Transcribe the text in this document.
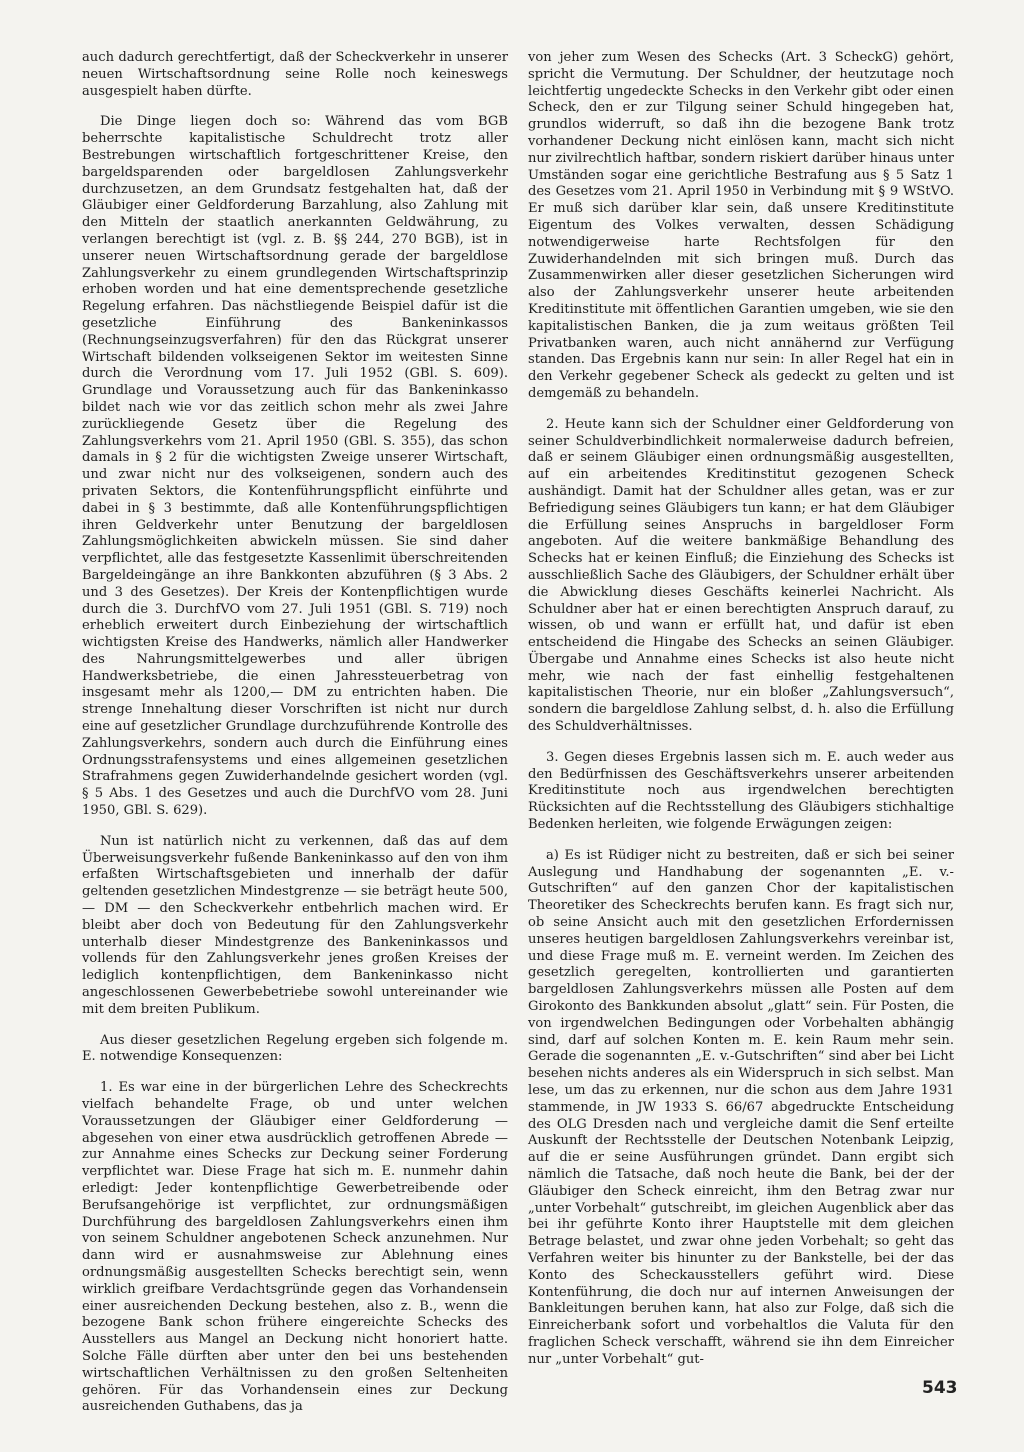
auch dadurch gerechtfertigt, daß der Scheckverkehr in unserer neuen Wirtschaftsordnung seine Rolle noch keineswegs ausgespielt haben dürfte.

Die Dinge liegen doch so: Während das vom BGB beherrschte kapitalistische Schuldrecht trotz aller Bestrebungen wirtschaftlich fortgeschrittener Kreise, den bargeldsparenden oder bargeldlosen Zahlungsverkehr durchzusetzen, an dem Grundsatz festgehalten hat, daß der Gläubiger einer Geldforderung Barzahlung, also Zahlung mit den Mitteln der staatlich anerkannten Geldwährung, zu verlangen berechtigt ist (vgl. z. B. §§ 244, 270 BGB), ist in unserer neuen Wirtschaftsordnung gerade der bargeldlose Zahlungsverkehr zu einem grundlegenden Wirtschaftsprinzip erhoben worden und hat eine dementsprechende gesetzliche Regelung erfahren. Das nächstliegende Beispiel dafür ist die gesetzliche Einführung des Bankeninkassos (Rechnungseinzugsverfahren) für den das Rückgrat unserer Wirtschaft bildenden volkseigenen Sektor im weitesten Sinne durch die Verordnung vom 17. Juli 1952 (GBl. S. 609). Grundlage und Voraussetzung auch für das Bankeninkasso bildet nach wie vor das zeitlich schon mehr als zwei Jahre zurückliegende Gesetz über die Regelung des Zahlungsverkehrs vom 21. April 1950 (GBl. S. 355), das schon damals in § 2 für die wichtigsten Zweige unserer Wirtschaft, und zwar nicht nur des volkseigenen, sondern auch des privaten Sektors, die Kontenführungspflicht einführte und dabei in § 3 bestimmte, daß alle Kontenführungspflichtigen ihren Geldverkehr unter Benutzung der bargeldlosen Zahlungsmöglichkeiten abwickeln müssen. Sie sind daher verpflichtet, alle das festgesetzte Kassenlimit überschreitenden Bargeldeingänge an ihre Bankkonten abzuführen (§ 3 Abs. 2 und 3 des Gesetzes). Der Kreis der Kontenpflichtigen wurde durch die 3. DurchfVO vom 27. Juli 1951 (GBl. S. 719) noch erheblich erweitert durch Einbeziehung der wirtschaftlich wichtigsten Kreise des Handwerks, nämlich aller Handwerker des Nahrungsmittelgewerbes und aller übrigen Handwerksbetriebe, die einen Jahressteuerbetrag von insgesamt mehr als 1200,— DM zu entrichten haben. Die strenge Innehaltung dieser Vorschriften ist nicht nur durch eine auf gesetzlicher Grundlage durchzuführende Kontrolle des Zahlungsverkehrs, sondern auch durch die Einführung eines Ordnungsstrafensystems und eines allgemeinen gesetzlichen Strafrahmens gegen Zuwiderhandelnde gesichert worden (vgl. § 5 Abs. 1 des Gesetzes und auch die DurchfVO vom 28. Juni 1950, GBl. S. 629).

Nun ist natürlich nicht zu verkennen, daß das auf dem Überweisungsverkehr fußende Bankeninkasso auf den von ihm erfaßten Wirtschaftsgebieten und innerhalb der dafür geltenden gesetzlichen Mindestgrenze — sie beträgt heute 500,— DM — den Scheckverkehr entbehrlich machen wird. Er bleibt aber doch von Bedeutung für den Zahlungsverkehr unterhalb dieser Mindestgrenze des Bankeninkassos und vollends für den Zahlungsverkehr jenes großen Kreises der lediglich kontenpflichtigen, dem Bankeninkasso nicht angeschlossenen Gewerbebetriebe sowohl untereinander wie mit dem breiten Publikum.

Aus dieser gesetzlichen Regelung ergeben sich folgende m. E. notwendige Konsequenzen:

1. Es war eine in der bürgerlichen Lehre des Scheckrechts vielfach behandelte Frage, ob und unter welchen Voraussetzungen der Gläubiger einer Geldforderung — abgesehen von einer etwa ausdrücklich getroffenen Abrede — zur Annahme eines Schecks zur Deckung seiner Forderung verpflichtet war. Diese Frage hat sich m. E. nunmehr dahin erledigt: Jeder kontenpflichtige Gewerbetreibende oder Berufsangehörige ist verpflichtet, zur ordnungsmäßigen Durchführung des bargeldlosen Zahlungsverkehrs einen ihm von seinem Schuldner angebotenen Scheck anzunehmen. Nur dann wird er ausnahmsweise zur Ablehnung eines ordnungsmäßig ausgestellten Schecks berechtigt sein, wenn wirklich greifbare Verdachtsgründe gegen das Vorhandensein einer ausreichenden Deckung bestehen, also z. B., wenn die bezogene Bank schon frühere eingereichte Schecks des Ausstellers aus Mangel an Deckung nicht honoriert hatte. Solche Fälle dürften aber unter den bei uns bestehenden wirtschaftlichen Verhältnissen zu den großen Seltenheiten gehören. Für das Vorhandensein eines zur Deckung ausreichenden Guthabens, das ja

von jeher zum Wesen des Schecks (Art. 3 ScheckG) gehört, spricht die Vermutung. Der Schuldner, der heutzutage noch leichtfertig ungedeckte Schecks in den Verkehr gibt oder einen Scheck, den er zur Tilgung seiner Schuld hingegeben hat, grundlos widerruft, so daß ihn die bezogene Bank trotz vorhandener Deckung nicht einlösen kann, macht sich nicht nur zivilrechtlich haftbar, sondern riskiert darüber hinaus unter Umständen sogar eine gerichtliche Bestrafung aus § 5 Satz 1 des Gesetzes vom 21. April 1950 in Verbindung mit § 9 WStVO. Er muß sich darüber klar sein, daß unsere Kreditinstitute Eigentum des Volkes verwalten, dessen Schädigung notwendigerweise harte Rechtsfolgen für den Zuwiderhandelnden mit sich bringen muß. Durch das Zusammenwirken aller dieser gesetzlichen Sicherungen wird also der Zahlungsverkehr unserer heute arbeitenden Kreditinstitute mit öffentlichen Garantien umgeben, wie sie den kapitalistischen Banken, die ja zum weitaus größten Teil Privatbanken waren, auch nicht annähernd zur Verfügung standen. Das Ergebnis kann nur sein: In aller Regel hat ein in den Verkehr gegebener Scheck als gedeckt zu gelten und ist demgemäß zu behandeln.

2. Heute kann sich der Schuldner einer Geldforderung von seiner Schuldverbindlichkeit normalerweise dadurch befreien, daß er seinem Gläubiger einen ordnungsmäßig ausgestellten, auf ein arbeitendes Kreditinstitut gezogenen Scheck aushändigt. Damit hat der Schuldner alles getan, was er zur Befriedigung seines Gläubigers tun kann; er hat dem Gläubiger die Erfüllung seines Anspruchs in bargeldloser Form angeboten. Auf die weitere bankmäßige Behandlung des Schecks hat er keinen Einfluß; die Einziehung des Schecks ist ausschließlich Sache des Gläubigers, der Schuldner erhält über die Abwicklung dieses Geschäfts keinerlei Nachricht. Als Schuldner aber hat er einen berechtigten Anspruch darauf, zu wissen, ob und wann er erfüllt hat, und dafür ist eben entscheidend die Hingabe des Schecks an seinen Gläubiger. Übergabe und Annahme eines Schecks ist also heute nicht mehr, wie nach der fast einhellig festgehaltenen kapitalistischen Theorie, nur ein bloßer „Zahlungsversuch“, sondern die bargeldlose Zahlung selbst, d. h. also die Erfüllung des Schuldverhältnisses.

3. Gegen dieses Ergebnis lassen sich m. E. auch weder aus den Bedürfnissen des Geschäftsverkehrs unserer arbeitenden Kreditinstitute noch aus irgendwelchen berechtigten Rücksichten auf die Rechtsstellung des Gläubigers stichhaltige Bedenken herleiten, wie folgende Erwägungen zeigen:

a) Es ist Rüdiger nicht zu bestreiten, daß er sich bei seiner Auslegung und Handhabung der sogenannten „E. v.-Gutschriften“ auf den ganzen Chor der kapitalistischen Theoretiker des Scheckrechts berufen kann. Es fragt sich nur, ob seine Ansicht auch mit den gesetzlichen Erfordernissen unseres heutigen bargeldlosen Zahlungsverkehrs vereinbar ist, und diese Frage muß m. E. verneint werden. Im Zeichen des gesetzlich geregelten, kontrollierten und garantierten bargeldlosen Zahlungsverkehrs müssen alle Posten auf dem Girokonto des Bankkunden absolut „glatt“ sein. Für Posten, die von irgendwelchen Bedingungen oder Vorbehalten abhängig sind, darf auf solchen Konten m. E. kein Raum mehr sein. Gerade die sogenannten „E. v.-Gutschriften“ sind aber bei Licht besehen nichts anderes als ein Widerspruch in sich selbst. Man lese, um das zu erkennen, nur die schon aus dem Jahre 1931 stammende, in JW 1933 S. 66/67 abgedruckte Entscheidung des OLG Dresden nach und vergleiche damit die Senf erteilte Auskunft der Rechtsstelle der Deutschen Notenbank Leipzig, auf die er seine Ausführungen gründet. Dann ergibt sich nämlich die Tatsache, daß noch heute die Bank, bei der der Gläubiger den Scheck einreicht, ihm den Betrag zwar nur „unter Vorbehalt“ gutschreibt, im gleichen Augenblick aber das bei ihr geführte Konto ihrer Hauptstelle mit dem gleichen Betrage belastet, und zwar ohne jeden Vorbehalt; so geht das Verfahren weiter bis hinunter zu der Bankstelle, bei der das Konto des Scheckausstellers geführt wird. Diese Kontenführung, die doch nur auf internen Anweisungen der Bankleitungen beruhen kann, hat also zur Folge, daß sich die Einreicherbank sofort und vorbehaltlos die Valuta für den fraglichen Scheck verschafft, während sie ihn dem Einreicher nur „unter Vorbehalt“ gut-

543
